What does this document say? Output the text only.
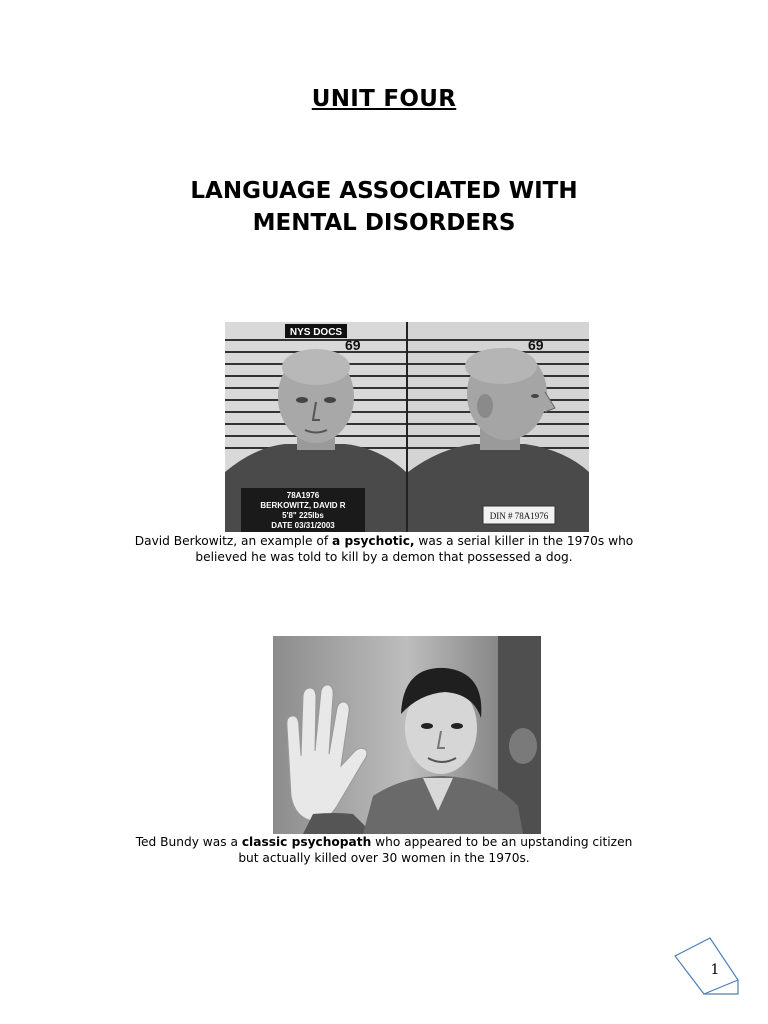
UNIT FOUR
LANGUAGE ASSOCIATED WITH
MENTAL DISORDERS
NYS DOCS
69	69
78A1976
BERKOWITZ, DAVID R
5'8" 225lbs
DATE 03/31/2003
DIN # 78A1976
David Berkowitz, an example of a psychotic, was a serial killer in the 1970s who
believed he was told to kill by a demon that possessed a dog.
Ted Bundy was a classic psychopath who appeared to be an upstanding citizen
but actually killed over 30 women in the 1970s.
1
